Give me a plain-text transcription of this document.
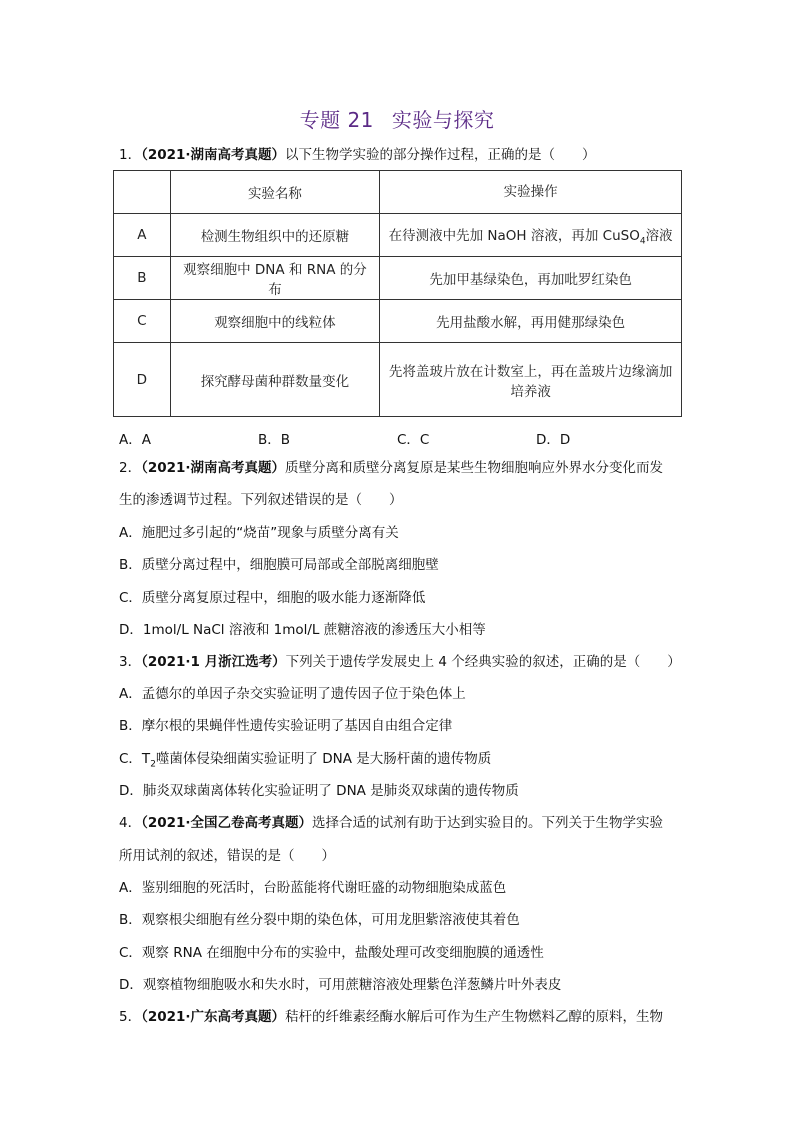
专题 21 实验与探究
1．（2021·湖南高考真题）以下生物学实验的部分操作过程，正确的是（　　）
	实验名称	实验操作
A	检测生物组织中的还原糖	在待测液中先加 NaOH 溶液，再加 CuSO$_4$溶液
B	观察细胞中 DNA 和 RNA 的分布	先加甲基绿染色，再加吡罗红染色
C	观察细胞中的线粒体	先用盐酸水解，再用健那绿染色
D	探究酵母菌种群数量变化	先将盖玻片放在计数室上，再在盖玻片边缘滴加培养液
A．A	B．B	C．C	D．D
2．（2021·湖南高考真题）质壁分离和质壁分离复原是某些生物细胞响应外界水分变化而发
生的渗透调节过程。下列叙述错误的是（　　）
A．施肥过多引起的“烧苗”现象与质壁分离有关
B．质壁分离过程中，细胞膜可局部或全部脱离细胞壁
C．质壁分离复原过程中，细胞的吸水能力逐渐降低
D．1mol/L NaCl 溶液和 1mol/L 蔗糖溶液的渗透压大小相等
3．（2021·1 月浙江选考）下列关于遗传学发展史上 4 个经典实验的叙述，正确的是（　　）
A．孟德尔的单因子杂交实验证明了遗传因子位于染色体上
B．摩尔根的果蝇伴性遗传实验证明了基因自由组合定律
C．$T_2$噬菌体侵染细菌实验证明了 DNA 是大肠杆菌的遗传物质
D．肺炎双球菌离体转化实验证明了 DNA 是肺炎双球菌的遗传物质
4．（2021·全国乙卷高考真题）选择合适的试剂有助于达到实验目的。下列关于生物学实验
所用试剂的叙述，错误的是（　　）
A．鉴别细胞的死活时，台盼蓝能将代谢旺盛的动物细胞染成蓝色
B．观察根尖细胞有丝分裂中期的染色体，可用龙胆紫溶液使其着色
C．观察 RNA 在细胞中分布的实验中，盐酸处理可改变细胞膜的通透性
D．观察植物细胞吸水和失水时，可用蔗糖溶液处理紫色洋葱鳞片叶外表皮
5．（2021·广东高考真题）秸杆的纤维素经酶水解后可作为生产生物燃料乙醇的原料，生物
